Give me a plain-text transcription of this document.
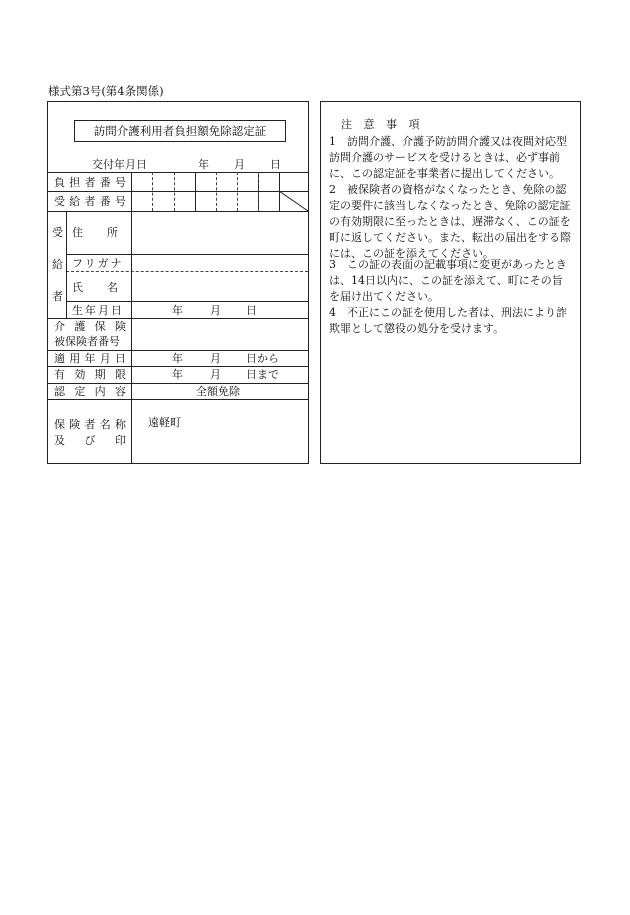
様式第3号(第4条関係)
訪問介護利用者負担額免除認定証
交付年月日	年 月 日
負 担 者 番 号
受 給 者 番 号
受
給
者
住所
フリガナ
氏名
生年月日	年 月 日
介 護 保 険
被保険者番号
適 用 年 月 日	年 月 日から
有 効 期 限	年 月 日まで
認 定 内 容	全額免除
保 険 者 名 称
及 び 印
遠軽町
注 意 事 項
1	訪問介護、介護予防訪問介護又は夜間対応型訪問介護のサービスを受けるときは、必ず事前に、この認定証を事業者に提出してください。
2	被保険者の資格がなくなったとき、免除の認定の要件に該当しなくなったとき、免除の認定証の有効期限に至ったときは、遅滞なく、この証を町に返してください。また、転出の届出をする際には、この証を添えてください。
3	この証の表面の記載事項に変更があったときは、14日以内に、この証を添えて、町にその旨を届け出てください。
4	不正にこの証を使用した者は、刑法により詐欺罪として懲役の処分を受けます。
